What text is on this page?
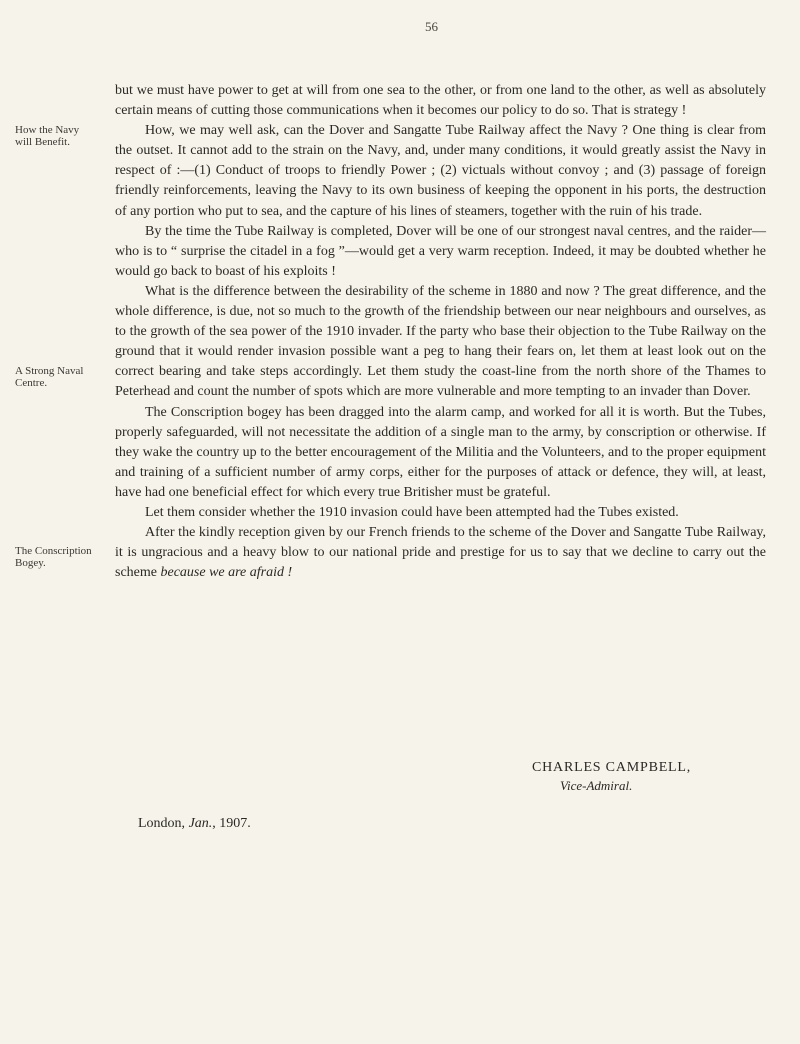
56
How the Navy will Benefit.
A Strong Naval Centre.
The Conscription Bogey.

but we must have power to get at will from one sea to the other, or from one land to the other, as well as absolutely certain means of cutting those communications when it becomes our policy to do so. That is strategy !

How, we may well ask, can the Dover and Sangatte Tube Railway affect the Navy ? One thing is clear from the outset. It cannot add to the strain on the Navy, and, under many conditions, it would greatly assist the Navy in respect of :—(1) Conduct of troops to friendly Power ; (2) victuals without convoy ; and (3) passage of foreign friendly reinforcements, leaving the Navy to its own business of keeping the opponent in his ports, the destruction of any portion who put to sea, and the capture of his lines of steamers, together with the ruin of his trade.

By the time the Tube Railway is completed, Dover will be one of our strongest naval centres, and the raider—who is to “ surprise the citadel in a fog ”—would get a very warm reception. Indeed, it may be doubted whether he would go back to boast of his exploits !

What is the difference between the desirability of the scheme in 1880 and now ? The great difference, and the whole difference, is due, not so much to the growth of the friendship between our near neighbours and ourselves, as to the growth of the sea power of the 1910 invader. If the party who base their objection to the Tube Railway on the ground that it would render invasion possible want a peg to hang their fears on, let them at least look out on the correct bearing and take steps accordingly. Let them study the coast-line from the north shore of the Thames to Peterhead and count the number of spots which are more vulnerable and more tempting to an invader than Dover.

The Conscription bogey has been dragged into the alarm camp, and worked for all it is worth. But the Tubes, properly safeguarded, will not necessitate the addition of a single man to the army, by conscription or otherwise. If they wake the country up to the better encouragement of the Militia and the Volunteers, and to the proper equipment and training of a sufficient number of army corps, either for the purposes of attack or defence, they will, at least, have had one beneficial effect for which every true Britisher must be grateful.

Let them consider whether the 1910 invasion could have been attempted had the Tubes existed.

After the kindly reception given by our French friends to the scheme of the Dover and Sangatte Tube Railway, it is ungracious and a heavy blow to our national pride and prestige for us to say that we decline to carry out the scheme because we are afraid !

CHARLES CAMPBELL,
Vice-Admiral.
London, Jan., 1907.
